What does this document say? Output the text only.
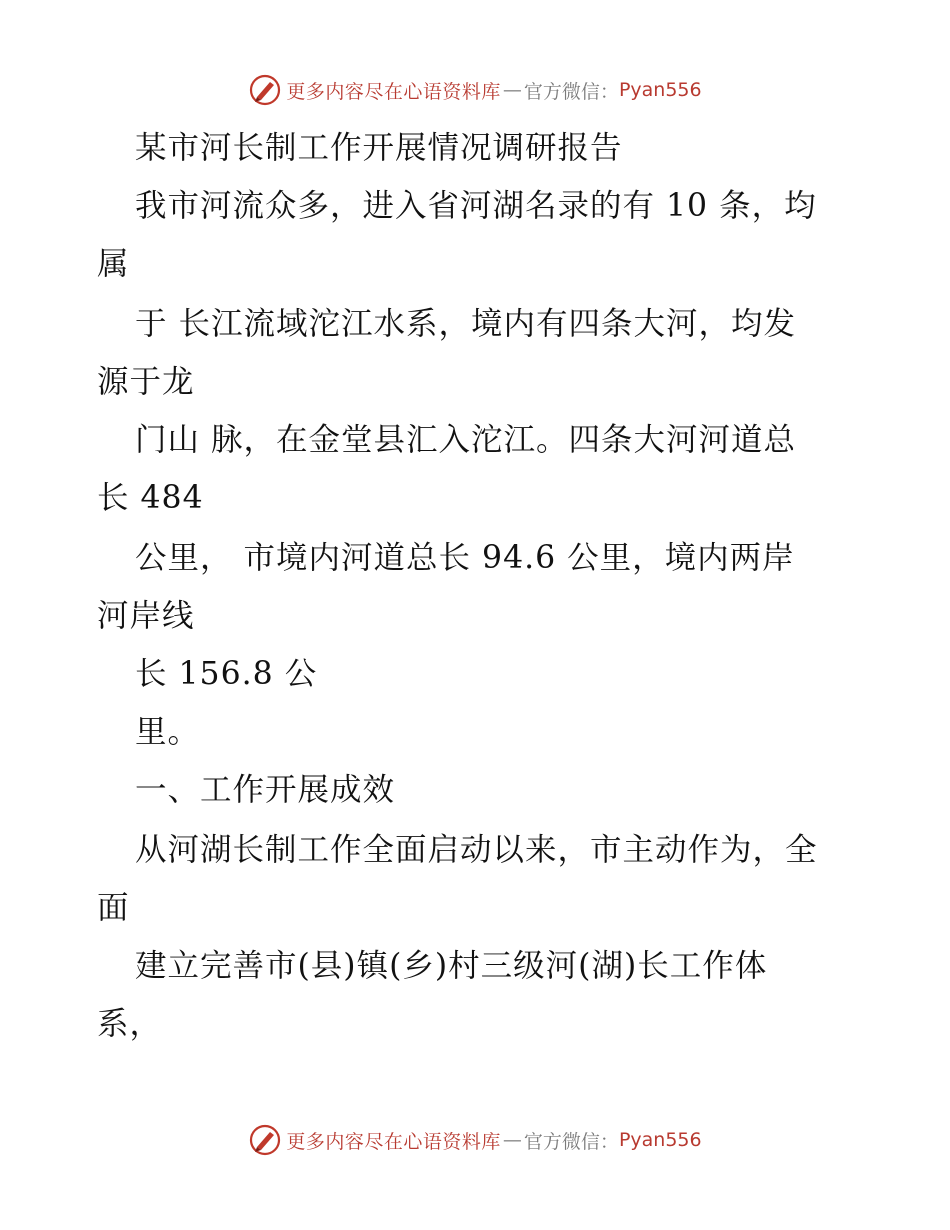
更多内容尽在心语资料库 — 官方微信： Pyan556
某市河长制工作开展情况调研报告
我市河流众多，进入省河湖名录的有 10 条，均
属
于 长江流域沱江水系，境内有四条大河，均发
源于龙
门山 脉，在金堂县汇入沱江。四条大河河道总
长 484
公里， 市境内河道总长 94.6 公里，境内两岸
河岸线
长 156.8 公
里。
一、工作开展成效
从河湖长制工作全面启动以来，市主动作为，全
面
建立完善市(县)镇(乡)村三级河(湖)长工作体
系，
更多内容尽在心语资料库 — 官方微信： Pyan556
